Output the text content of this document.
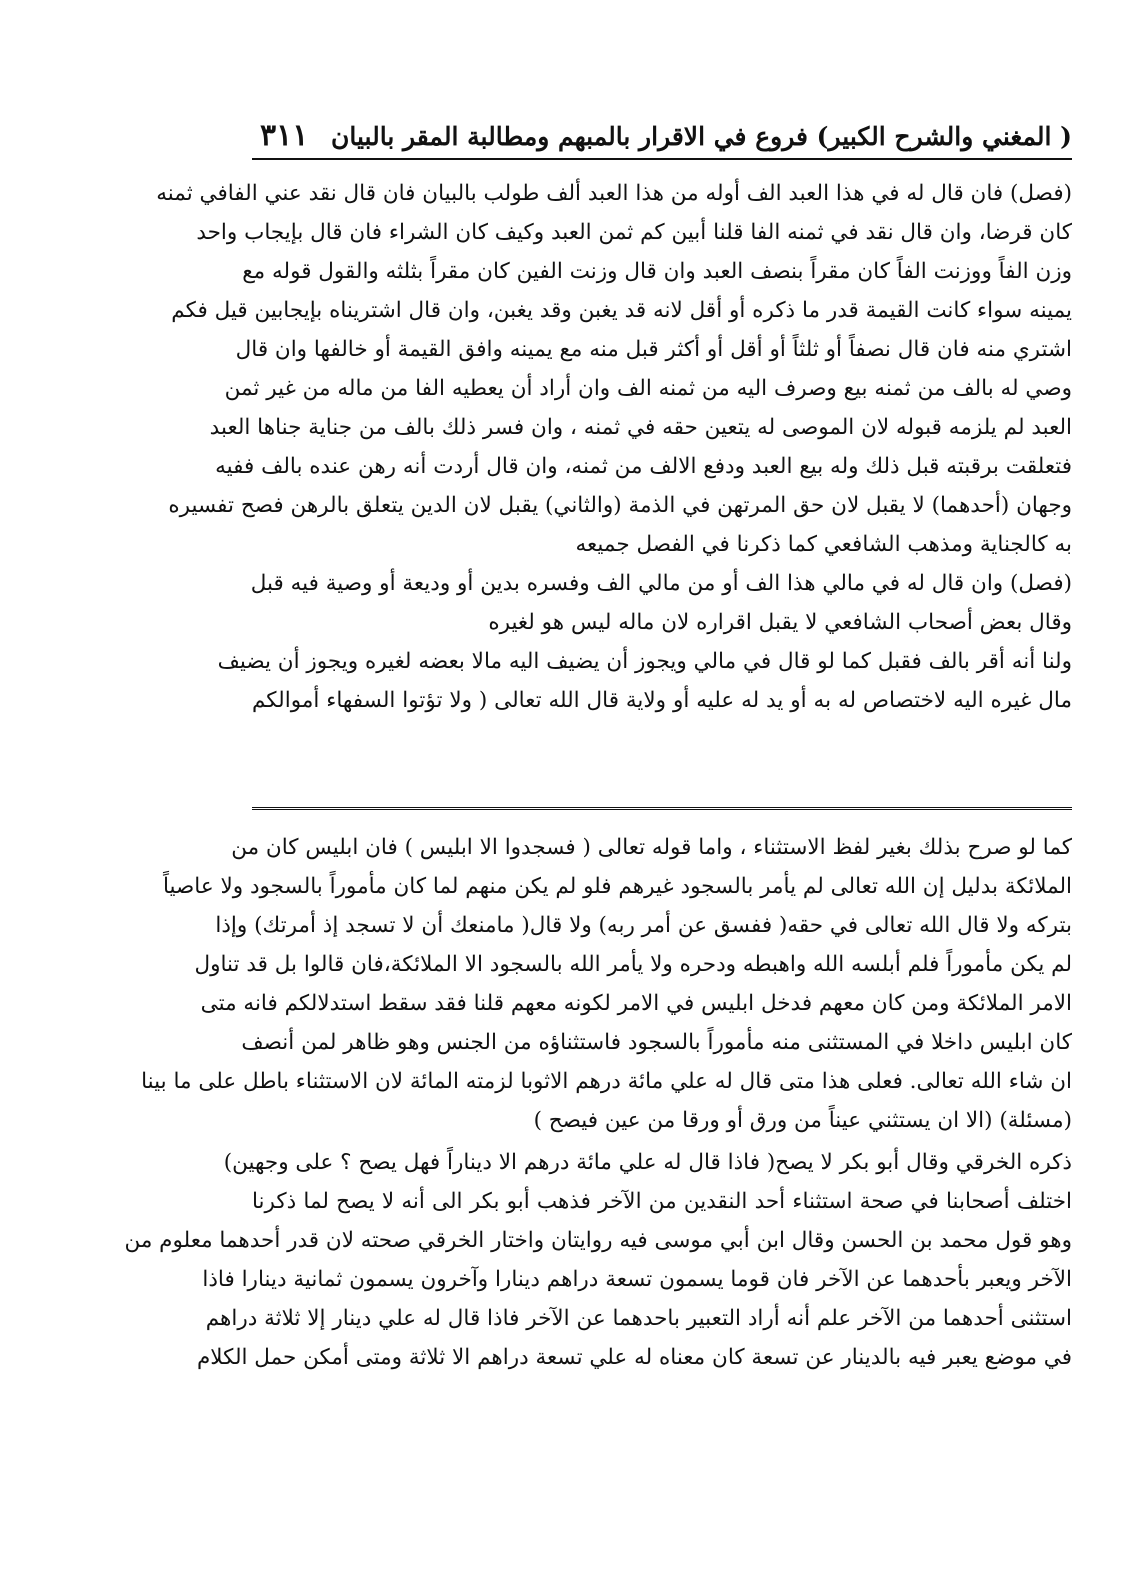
( المغني والشرح الكبير) فروع في الاقرار بالمبهم ومطالبة المقر بالبيان
٣١١
(فصل) فان قال له في هذا العبد الف أوله من هذا العبد ألف طولب بالبيان فان قال نقد عني الفافي ثمنه
كان قرضا، وان قال نقد في ثمنه الفا قلنا أبين كم ثمن العبد وكيف كان الشراء فان قال بإيجاب واحد
وزن الفاً ووزنت الفاً كان مقراً بنصف العبد وان قال وزنت الفين كان مقراً بثلثه والقول قوله مع
يمينه سواء كانت القيمة قدر ما ذكره أو أقل لانه قد يغبن وقد يغبن، وان قال اشتريناه بإيجابين قيل فكم
اشتري منه فان قال نصفاً أو ثلثاً أو أقل أو أكثر قبل منه مع يمينه وافق القيمة أو خالفها وان قال
وصي له بالف من ثمنه بيع وصرف اليه من ثمنه الف وان أراد أن يعطيه الفا من ماله من غير ثمن
العبد لم يلزمه قبوله لان الموصى له يتعين حقه في ثمنه ، وان فسر ذلك بالف من جناية جناها العبد
فتعلقت برقبته قبل ذلك وله بيع العبد ودفع الالف من ثمنه، وان قال أردت أنه رهن عنده بالف ففيه
وجهان (أحدهما) لا يقبل لان حق المرتهن في الذمة (والثاني) يقبل لان الدين يتعلق بالرهن فصح تفسيره
به كالجناية ومذهب الشافعي كما ذكرنا في الفصل جميعه
(فصل) وان قال له في مالي هذا الف أو من مالي الف وفسره بدين أو وديعة أو وصية فيه قبل
وقال بعض أصحاب الشافعي لا يقبل اقراره لان ماله ليس هو لغيره
ولنا أنه أقر بالف فقبل كما لو قال في مالي ويجوز أن يضيف اليه مالا بعضه لغيره ويجوز أن يضيف
مال غيره اليه لاختصاص له به أو يد له عليه أو ولاية قال الله تعالى ( ولا تؤتوا السفهاء أموالكم
كما لو صرح بذلك بغير لفظ الاستثناء ، واما قوله تعالى ( فسجدوا الا ابليس ) فان ابليس كان من
الملائكة بدليل إن الله تعالى لم يأمر بالسجود غيرهم فلو لم يكن منهم لما كان مأموراً بالسجود ولا عاصياً
بتركه ولا قال الله تعالى في حقه( ففسق عن أمر ربه) ولا قال( مامنعك أن لا تسجد إذ أمرتك) وإذا
لم يكن مأموراً فلم أبلسه الله واهبطه ودحره ولا يأمر الله بالسجود الا الملائكة،فان قالوا بل قد تناول
الامر الملائكة ومن كان معهم فدخل ابليس في الامر لكونه معهم قلنا فقد سقط استدلالكم فانه متى
كان ابليس داخلا في المستثنى منه مأموراً بالسجود فاستثناؤه من الجنس وهو ظاهر لمن أنصف
ان شاء الله تعالى. فعلى هذا متى قال له علي مائة درهم الاثوبا لزمته المائة لان الاستثناء باطل على ما بينا
(مسئلة) (الا ان يستثني عيناً من ورق أو ورقا من عين فيصح )
ذكره الخرقي وقال أبو بكر لا يصح( فاذا قال له علي مائة درهم الا ديناراً فهل يصح ؟ على وجهين)
اختلف أصحابنا في صحة استثناء أحد النقدين من الآخر فذهب أبو بكر الى أنه لا يصح لما ذكرنا
وهو قول محمد بن الحسن وقال ابن أبي موسى فيه روايتان واختار الخرقي صحته لان قدر أحدهما معلوم من
الآخر ويعبر بأحدهما عن الآخر فان قوما يسمون تسعة دراهم دينارا وآخرون يسمون ثمانية دينارا فاذا
استثنى أحدهما من الآخر علم أنه أراد التعبير باحدهما عن الآخر فاذا قال له علي دينار إلا ثلاثة دراهم
في موضع يعبر فيه بالدينار عن تسعة كان معناه له علي تسعة دراهم الا ثلاثة ومتى أمكن حمل الكلام
